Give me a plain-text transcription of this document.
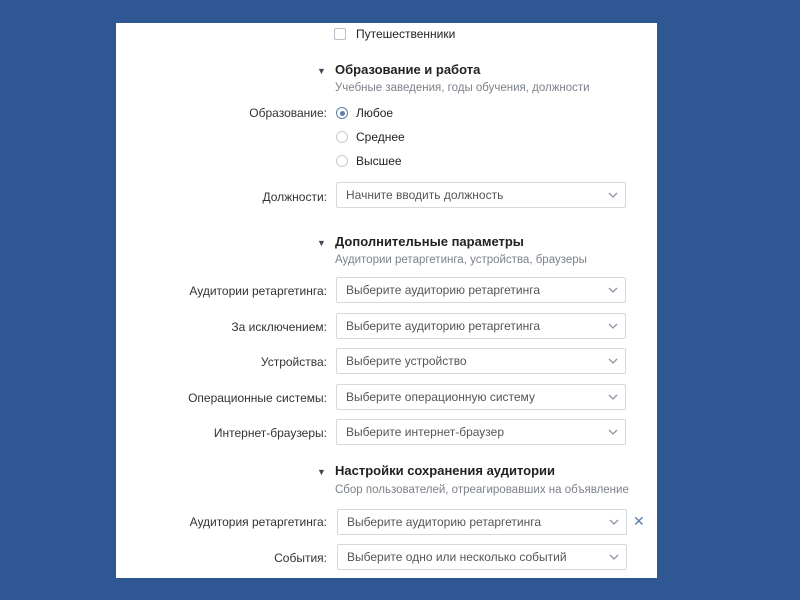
Путешественники
▼ Образование и работа
Учебные заведения, годы обучения, должности
Образование: Любое
Среднее
Высшее
Должности: Начните вводить должность
▼ Дополнительные параметры
Аудитории ретаргетинга, устройства, браузеры
Аудитории ретаргетинга: Выберите аудиторию ретаргетинга
За исключением: Выберите аудиторию ретаргетинга
Устройства: Выберите устройство
Операционные системы: Выберите операционную систему
Интернет-браузеры: Выберите интернет-браузер
▼ Настройки сохранения аудитории
Сбор пользователей, отреагировавших на объявление
Аудитория ретаргетинга: Выберите аудиторию ретаргетинга	✕
События: Выберите одно или несколько событий
